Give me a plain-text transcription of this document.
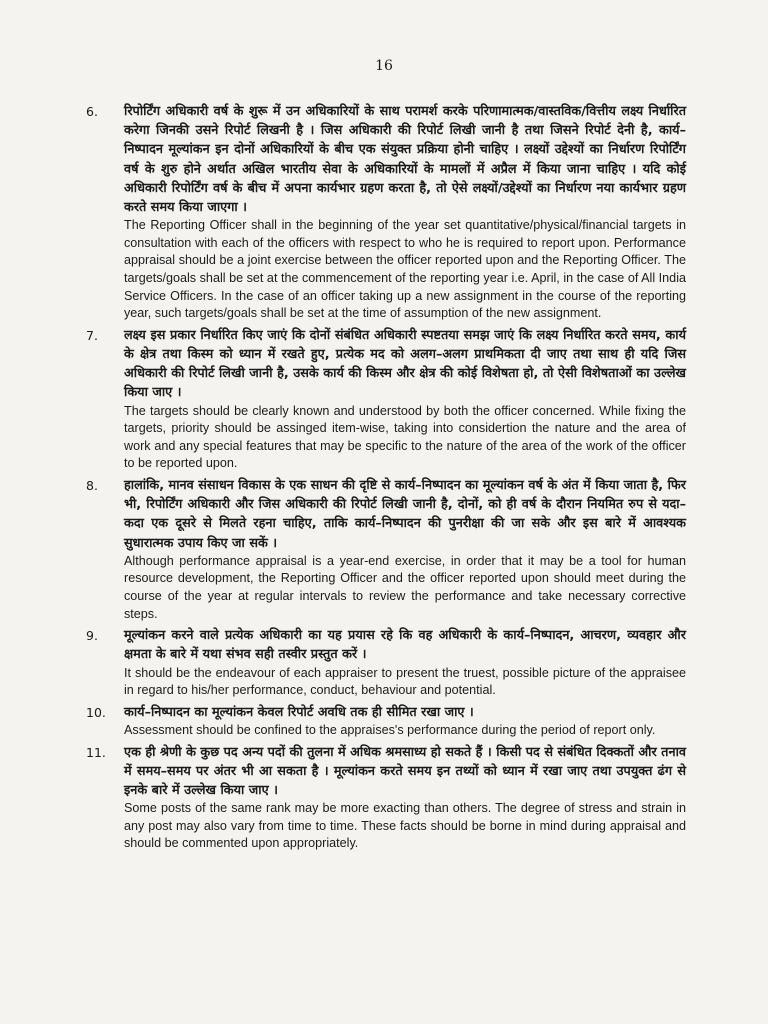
16
6.	रिपोर्टिंग अधिकारी वर्ष के शुरू में उन अधिकारियों के साथ परामर्श करके परिणामात्मक/वास्तविक/वित्तीय लक्ष्य निर्धारित करेगा जिनकी उसने रिपोर्ट लिखनी है । जिस अधिकारी की रिपोर्ट लिखी जानी है तथा जिसने रिपोर्ट देनी है, कार्य–निष्पादन मूल्यांकन इन दोनों अधिकारियों के बीच एक संयुक्त प्रक्रिया होनी चाहिए । लक्ष्यों उद्देश्यों का निर्धारण रिपोर्टिंग वर्ष के शुरु होने अर्थात अखिल भारतीय सेवा के अधिकारियों के मामलों में अप्रैल में किया जाना चाहिए । यदि कोई अधिकारी रिपोर्टिंग वर्ष के बीच में अपना कार्यभार ग्रहण करता है, तो ऐसे लक्ष्यों/उद्देश्यों का निर्धारण नया कार्यभार ग्रहण करते समय किया जाएगा ।

The Reporting Officer shall in the beginning of the year set quantitative/physical/financial targets in consultation with each of the officers with respect to who he is required to report upon. Performance appraisal should be a joint exercise between the officer reported upon and the Reporting Officer. The targets/goals shall be set at the commencement of the reporting year i.e. April, in the case of All India Service Officers. In the case of an officer taking up a new assignment in the course of the reporting year, such targets/goals shall be set at the time of assumption of the new assignment.

7.	लक्ष्य इस प्रकार निर्धारित किए जाएं कि दोनों संबंधित अधिकारी स्पष्टतया समझ जाएं कि लक्ष्य निर्धारित करते समय, कार्य के क्षेत्र तथा किस्म को ध्यान में रखते हुए, प्रत्येक मद को अलग–अलग प्राथमिकता दी जाए तथा साथ ही यदि जिस अधिकारी की रिपोर्ट लिखी जानी है, उसके कार्य की किस्म और क्षेत्र की कोई विशेषता हो, तो ऐसी विशेषताओं का उल्लेख किया जाए ।

The targets should be clearly known and understood by both the officer concerned. While fixing the targets, priority should be assinged item-wise, taking into considertion the nature and the area of work and any special features that may be specific to the nature of the area of the work of the officer to be reported upon.

8.	हालांकि, मानव संसाधन विकास के एक साधन की दृष्टि से कार्य–निष्पादन का मूल्यांकन वर्ष के अंत में किया जाता है, फिर भी, रिपोर्टिंग अधिकारी और जिस अधिकारी की रिपोर्ट लिखी जानी है, दोनों, को ही वर्ष के दौरान नियमित रुप से यदा–कदा एक दूसरे से मिलते रहना चाहिए, ताकि कार्य–निष्पादन की पुनरीक्षा की जा सके और इस बारे में आवश्यक सुधारात्मक उपाय किए जा सकें ।

Although performance appraisal is a year-end exercise, in order that it may be a tool for human resource development, the Reporting Officer and the officer reported upon should meet during the course of the year at regular intervals to review the performance and take necessary corrective steps.

9.	मूल्यांकन करने वाले प्रत्येक अधिकारी का यह प्रयास रहे कि वह अधिकारी के कार्य–निष्पादन, आचरण, व्यवहार और क्षमता के बारे में यथा संभव सही तस्वीर प्रस्तुत करें ।

It should be the endeavour of each appraiser to present the truest, possible picture of the appraisee in regard to his/her performance, conduct, behaviour and potential.

10.	कार्य–निष्पादन का मूल्यांकन केवल रिपोर्ट अवधि तक ही सीमित रखा जाए ।

Assessment should be confined to the appraises's performance during the period of report only.

11.	एक ही श्रेणी के कुछ पद अन्य पदों की तुलना में अधिक श्रमसाध्य हो सकते हैं । किसी पद से संबंधित दिक्कतों और तनाव में समय–समय पर अंतर भी आ सकता है । मूल्यांकन करते समय इन तथ्यों को ध्यान में रखा जाए तथा उपयुक्त ढंग से इनके बारे में उल्लेख किया जाए ।

Some posts of the same rank may be more exacting than others. The degree of stress and strain in any post may also vary from time to time. These facts should be borne in mind during appraisal and should be commented upon appropriately.
